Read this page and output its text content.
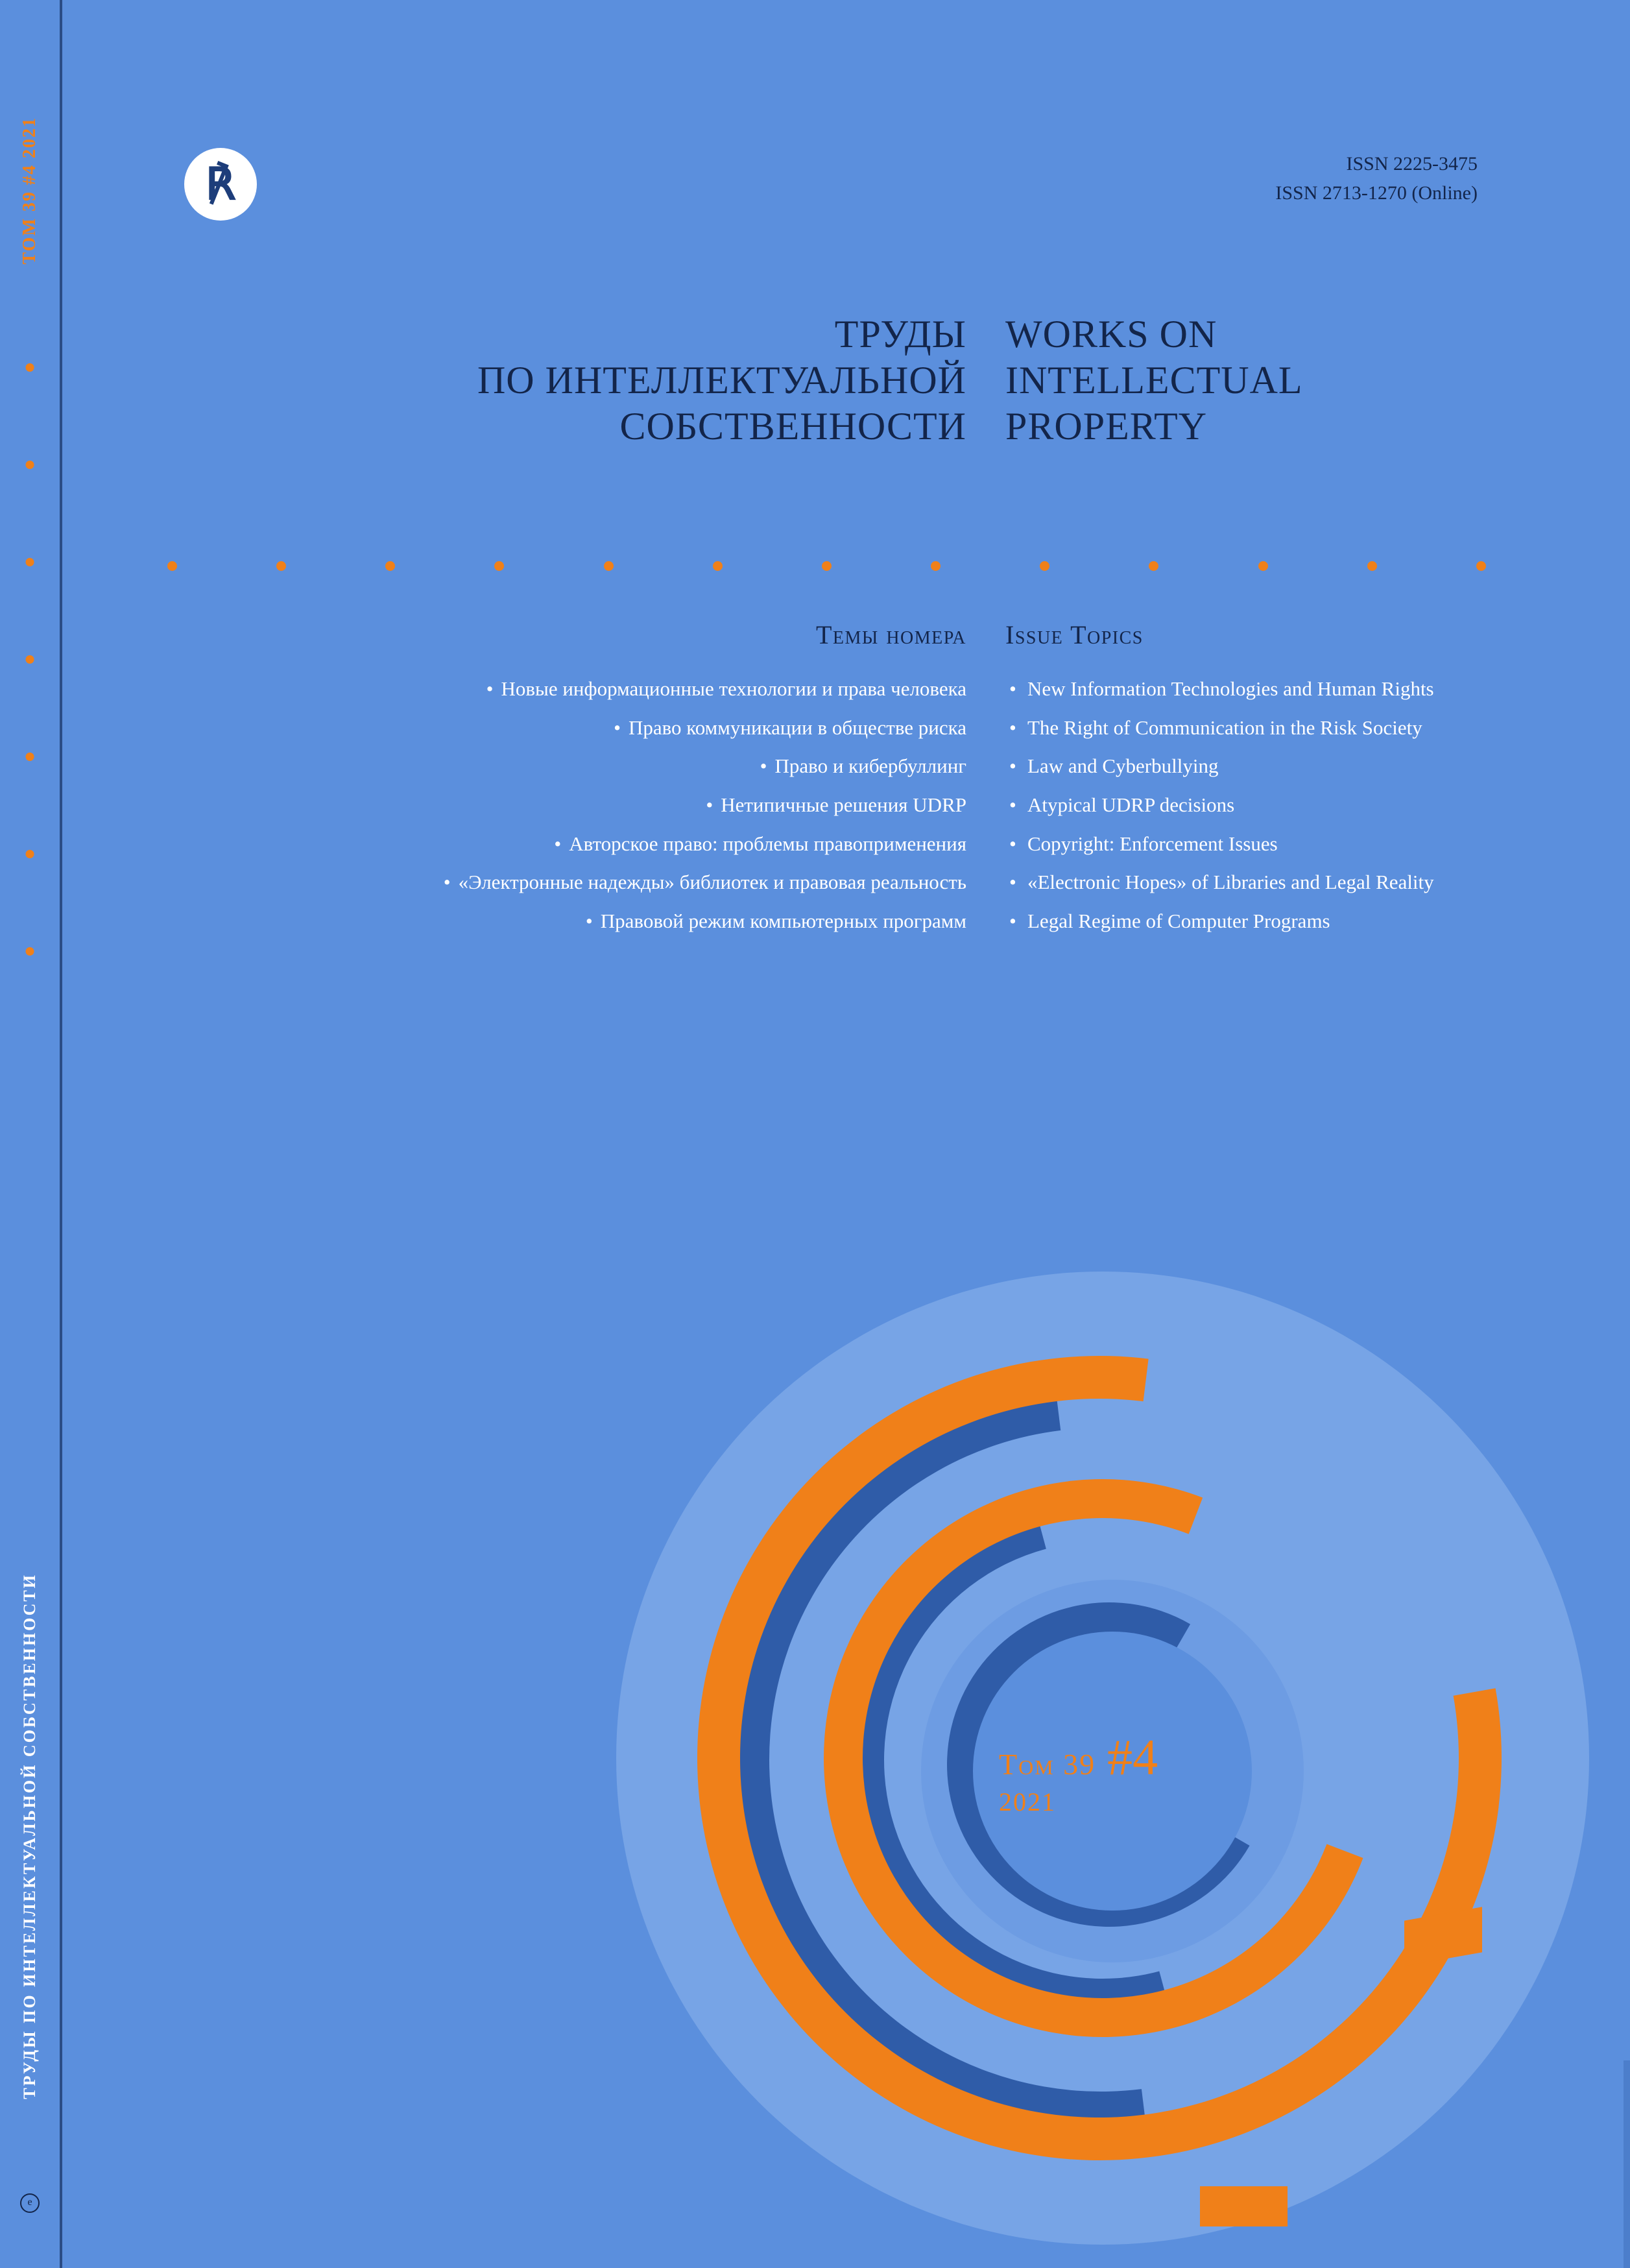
ТОМ 39 #4 2021
ТРУДЫ ПО ИНТЕЛЛЕКТУАЛЬНОЙ СОБСТВЕННОСТИ
е
℟	ISSN 2225-3475
ISSN 2713-1270 (Online)
ТРУДЫ
ПО ИНТЕЛЛЕКТУАЛЬНОЙ
СОБСТВЕННОСТИ
WORKS ON
INTELLECTUAL
PROPERTY
Темы номера
• Новые информационные технологии и права человека
• Право коммуникации в обществе риска
• Право и кибербуллинг
• Нетипичные решения UDRP
• Авторское право: проблемы правоприменения
• «Электронные надежды» библиотек и правовая реальность
• Правовой режим компьютерных программ
Issue Topics
• New Information Technologies and Human Rights
• The Right of Communication in the Risk Society
• Law and Cyberbullying
• Atypical UDRP decisions
• Copyright: Enforcement Issues
• «Electronic Hopes» of Libraries and Legal Reality
• Legal Regime of Computer Programs
Том 39 #4
2021
